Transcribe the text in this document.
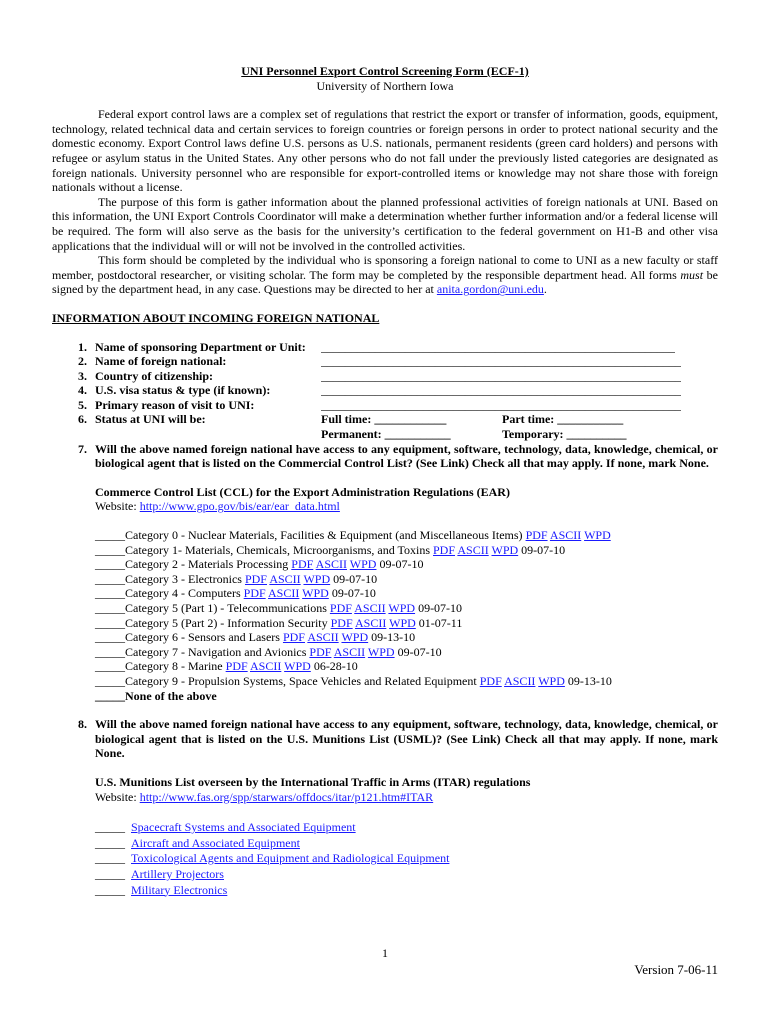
UNI Personnel Export Control Screening Form (ECF-1)
University of Northern Iowa

Federal export control laws are a complex set of regulations that restrict the export or transfer of information, goods, equipment, technology, related technical data and certain services to foreign countries or foreign persons in order to protect national security and the domestic economy. Export Control laws define U.S. persons as U.S. nationals, permanent residents (green card holders) and persons with refugee or asylum status in the United States. Any other persons who do not fall under the previously listed categories are designated as foreign nationals. University personnel who are responsible for export-controlled items or knowledge may not share those with foreign nationals without a license.

The purpose of this form is gather information about the planned professional activities of foreign nationals at UNI. Based on this information, the UNI Export Controls Coordinator will make a determination whether further information and/or a federal license will be required. The form will also serve as the basis for the university’s certification to the federal government on H1-B and other visa applications that the individual will or will not be involved in the controlled activities.

This form should be completed by the individual who is sponsoring a foreign national to come to UNI as a new faculty or staff member, postdoctoral researcher, or visiting scholar. The form may be completed by the responsible department head. All forms must be signed by the department head, in any case. Questions may be directed to her at anita.gordon@uni.edu.

INFORMATION ABOUT INCOMING FOREIGN NATIONAL
1. Name of sponsoring Department or Unit:	___________________________________________________________
2. Name of foreign national:	____________________________________________________________
3. Country of citizenship:	____________________________________________________________
4. U.S. visa status & type (if known):	____________________________________________________________
5. Primary reason of visit to UNI:	____________________________________________________________
6. Status at UNI will be:	Full time: ____________	Part time: ___________
Permanent: ___________	Temporary: __________
7. Will the above named foreign national have access to any equipment, software, technology, data, knowledge, chemical, or biological agent that is listed on the Commercial Control List? (See Link) Check all that may apply. If none, mark None.
Commerce Control List (CCL) for the Export Administration Regulations (EAR)
Website: http://www.gpo.gov/bis/ear/ear_data.html
_____Category 0 - Nuclear Materials, Facilities & Equipment (and Miscellaneous Items) PDF ASCII WPD
_____Category 1- Materials, Chemicals, Microorganisms, and Toxins PDF ASCII WPD 09-07-10
_____Category 2 - Materials Processing PDF ASCII WPD 09-07-10
_____Category 3 - Electronics PDF ASCII WPD 09-07-10
_____Category 4 - Computers PDF ASCII WPD 09-07-10
_____Category 5 (Part 1) - Telecommunications PDF ASCII WPD 09-07-10
_____Category 5 (Part 2) - Information Security PDF ASCII WPD 01-07-11
_____Category 6 - Sensors and Lasers PDF ASCII WPD 09-13-10
_____Category 7 - Navigation and Avionics PDF ASCII WPD 09-07-10
_____Category 8 - Marine PDF ASCII WPD 06-28-10
_____Category 9 - Propulsion Systems, Space Vehicles and Related Equipment PDF ASCII WPD 09-13-10
_____None of the above
8. Will the above named foreign national have access to any equipment, software, technology, data, knowledge, chemical, or biological agent that is listed on the U.S. Munitions List (USML)? (See Link) Check all that may apply. If none, mark None.
U.S. Munitions List overseen by the International Traffic in Arms (ITAR) regulations
Website: http://www.fas.org/spp/starwars/offdocs/itar/p121.htm#ITAR
_____ Spacecraft Systems and Associated Equipment
_____ Aircraft and Associated Equipment
_____ Toxicological Agents and Equipment and Radiological Equipment
_____ Artillery Projectors
_____ Military Electronics
1
Version 7-06-11
